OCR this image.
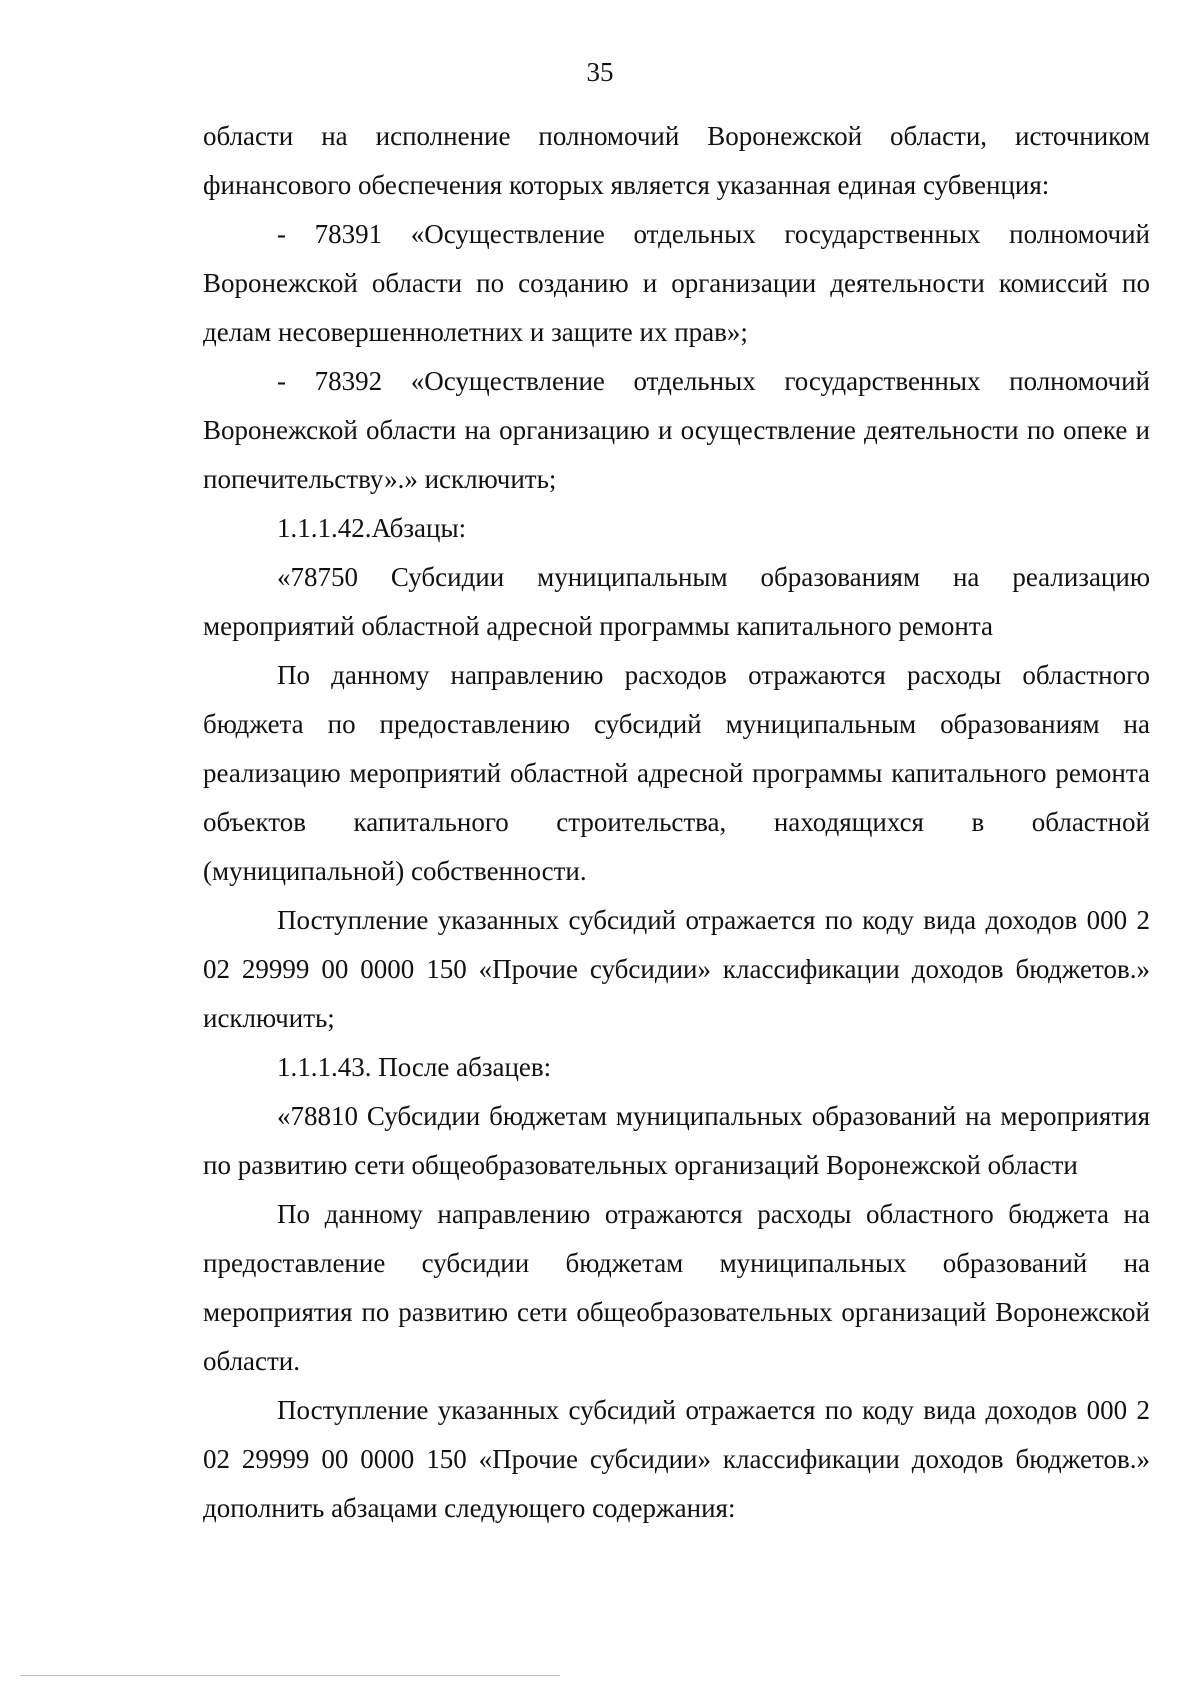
35

области на исполнение полномочий Воронежской области, источником финансового обеспечения которых является указанная единая субвенция:

- 78391 «Осуществление отдельных государственных полномочий Воронежской области по созданию и организации деятельности комиссий по делам несовершеннолетних и защите их прав»;

- 78392 «Осуществление отдельных государственных полномочий Воронежской области на организацию и осуществление деятельности по опеке и попечительству».» исключить;

1.1.1.42.Абзацы:

«78750 Субсидии муниципальным образованиям на реализацию мероприятий областной адресной программы капитального ремонта

По данному направлению расходов отражаются расходы областного бюджета по предоставлению субсидий муниципальным образованиям на реализацию мероприятий областной адресной программы капитального ремонта объектов капитального строительства, находящихся в областной (муниципальной) собственности.

Поступление указанных субсидий отражается по коду вида доходов 000 2 02 29999 00 0000 150 «Прочие субсидии» классификации доходов бюджетов.» исключить;

1.1.1.43. После абзацев:

«78810 Субсидии бюджетам муниципальных образований на мероприятия по развитию сети общеобразовательных организаций Воронежской области

По данному направлению отражаются расходы областного бюджета на предоставление субсидии бюджетам муниципальных образований на мероприятия по развитию сети общеобразовательных организаций Воронежской области.

Поступление указанных субсидий отражается по коду вида доходов 000 2 02 29999 00 0000 150 «Прочие субсидии» классификации доходов бюджетов.» дополнить абзацами следующего содержания:
